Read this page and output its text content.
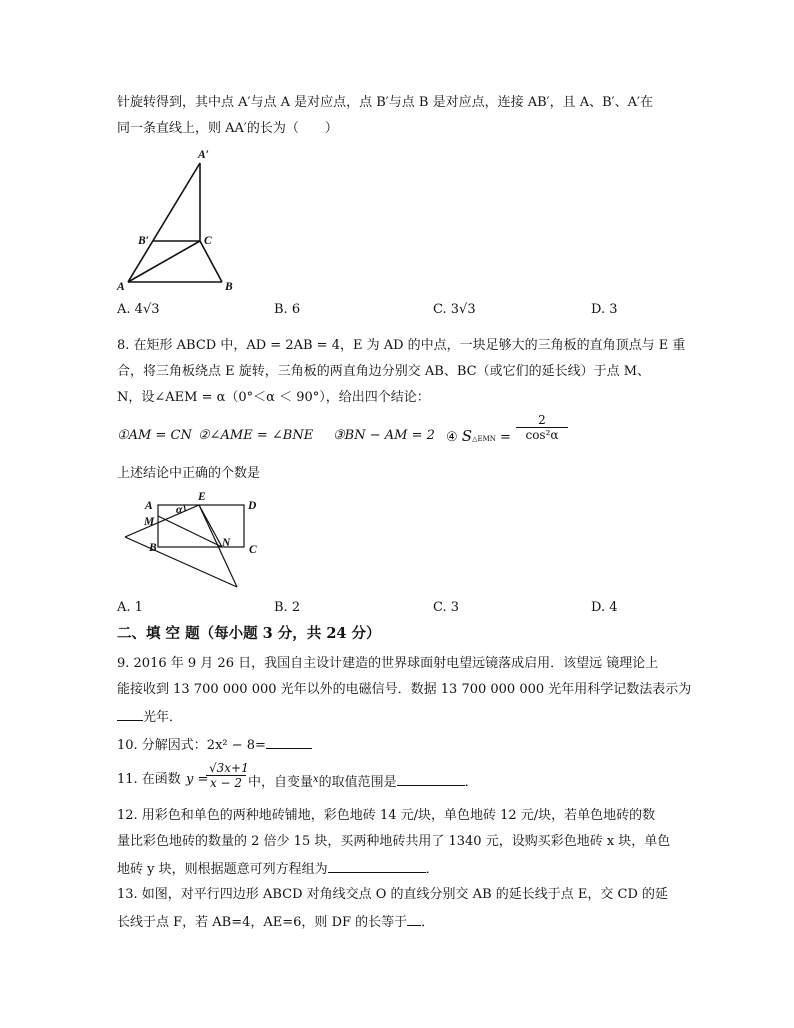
针旋转得到，其中点 A′与点 A 是对应点，点 B′与点 B 是对应点，连接 AB′，且 A、B′、A′在
同一条直线上，则 AA′的长为（　　）
A′
B′	C
A	B
A
E
D
M
α
B	N
C
A. 4√3	B. 6	C. 3√3	D. 3
8. 在矩形 ABCD 中，AD = 2AB = 4，E 为 AD 的中点，一块足够大的三角板的直角顶点与 E 重
合，将三角板绕点 E 旋转，三角板的两直角边分别交 AB、BC（或它们的延长线）于点 M、
N，设∠AEM = α（0°＜α ＜ 90°），给出四个结论：
①AM = CN ②∠AME = ∠BNE ③BN − AM = 2 ④ S△EMN = $\frac{2}{\text{cos²α}}$
上述结论中正确的个数是
A. 1	B. 2	C. 3	D. 4
二、填 空 题（每小题 3 分，共 24 分）
9. 2016 年 9 月 26 日，我国自主设计建造的世界球面射电望远镜落成启用．该望远 镜理论上
能接收到 13 700 000 000 光年以外的电磁信号．数据 13 700 000 000 光年用科学记数法表示为
光年．
10. 分解因式：2x² − 8=
11. 在函数 y =
$\frac{√3x+1}{x - 2}$ 中，自变量$^x$的取值范围是	．
12. 用彩色和单色的两种地砖铺地，彩色地砖 14 元/块，单色地砖 12 元/块，若单色地砖的数
量比彩色地砖的数量的 2 倍少 15 块，买两种地砖共用了 1340 元，设购买彩色地砖 x 块，单色
地砖 y 块，则根据题意可列方程组为	．
13. 如图，对平行四边形 ABCD 对角线交点 O 的直线分别交 AB 的延长线于点 E，交 CD 的延
长线于点 F，若 AB=4，AE=6，则 DF 的长等于 ．
